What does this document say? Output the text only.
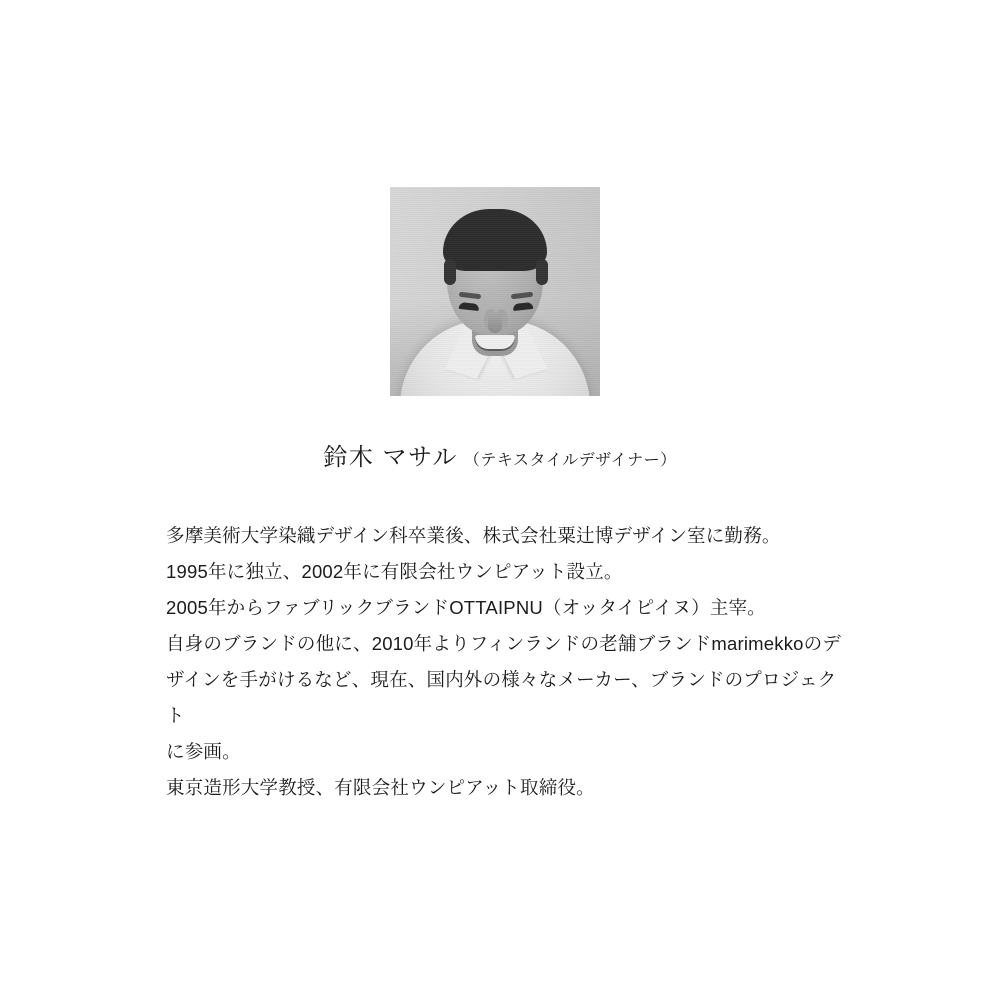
鈴木 マサル （テキスタイルデザイナー）

多摩美術大学染織デザイン科卒業後、株式会社粟辻博デザイン室に勤務。

1995年に独立、2002年に有限会社ウンピアット設立。

2005年からファブリックブランドOTTAIPNU（オッタイピイヌ）主宰。

自身のブランドの他に、2010年よりフィンランドの老舗ブランドmarimekkoのデ

ザインを手がけるなど、現在、国内外の様々なメーカー、ブランドのプロジェクト

に参画。

東京造形大学教授、有限会社ウンピアット取締役。
